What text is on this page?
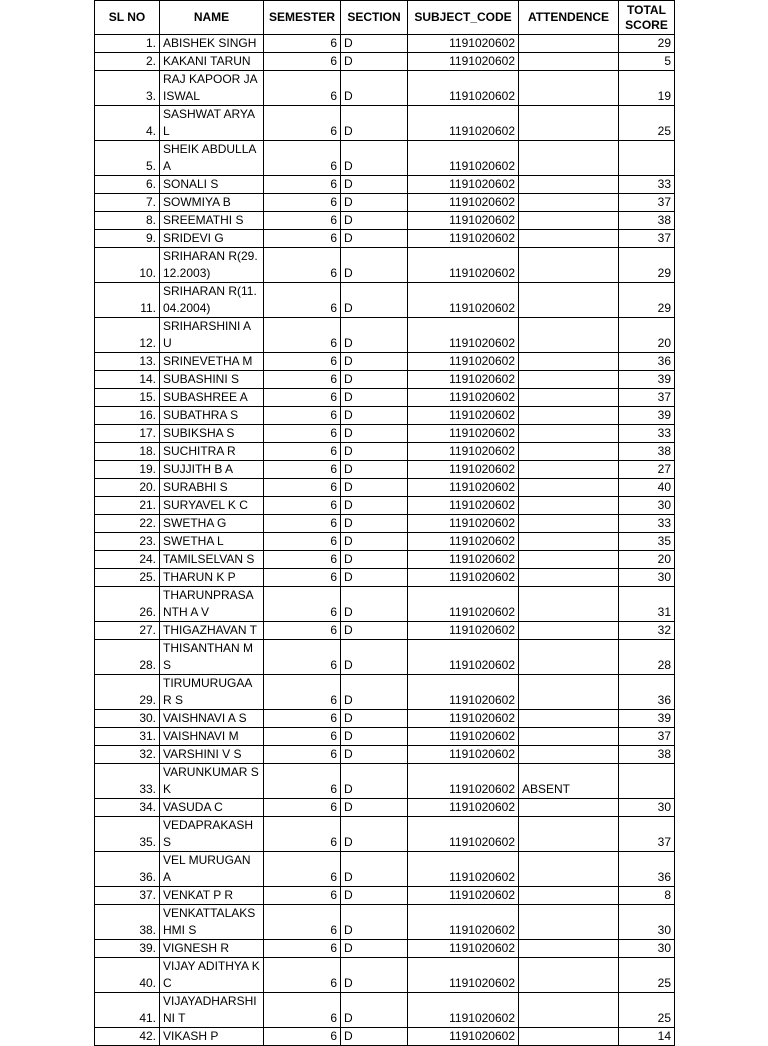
SL NO	NAME	SEMESTER	SECTION	SUBJECT_CODE	ATTENDENCE	TOTAL SCORE
1.	ABISHEK SINGH	6	D	1191020602		29
2.	KAKANI TARUN	6	D	1191020602		5
3.	RAJ KAPOOR JAISWAL	6	D	1191020602		19
4.	SASHWAT ARYAL	6	D	1191020602		25
5.	SHEIK ABDULLA A	6	D	1191020602		
6.	SONALI S	6	D	1191020602		33
7.	SOWMIYA B	6	D	1191020602		37
8.	SREEMATHI S	6	D	1191020602		38
9.	SRIDEVI G	6	D	1191020602		37
10.	SRIHARAN R(29.12.2003)	6	D	1191020602		29
11.	SRIHARAN R(11.04.2004)	6	D	1191020602		29
12.	SRIHARSHINI A U	6	D	1191020602		20
13.	SRINEVETHA M	6	D	1191020602		36
14.	SUBASHINI S	6	D	1191020602		39
15.	SUBASHREE A	6	D	1191020602		37
16.	SUBATHRA S	6	D	1191020602		39
17.	SUBIKSHA S	6	D	1191020602		33
18.	SUCHITRA R	6	D	1191020602		38
19.	SUJJITH B A	6	D	1191020602		27
20.	SURABHI S	6	D	1191020602		40
21.	SURYAVEL K C	6	D	1191020602		30
22.	SWETHA G	6	D	1191020602		33
23.	SWETHA L	6	D	1191020602		35
24.	TAMILSELVAN S	6	D	1191020602		20
25.	THARUN K P	6	D	1191020602		30
26.	THARUNPRASANTH A V	6	D	1191020602		31
27.	THIGAZHAVAN T	6	D	1191020602		32
28.	THISANTHAN M S	6	D	1191020602		28
29.	TIRUMURUGAAR S	6	D	1191020602		36
30.	VAISHNAVI A S	6	D	1191020602		39
31.	VAISHNAVI M	6	D	1191020602		37
32.	VARSHINI V S	6	D	1191020602		38
33.	VARUNKUMAR S K	6	D	1191020602	ABSENT	
34.	VASUDA C	6	D	1191020602		30
35.	VEDAPRAKASH S	6	D	1191020602		37
36.	VEL MURUGAN A	6	D	1191020602		36
37.	VENKAT P R	6	D	1191020602		8
38.	VENKATTALAKSHMI S	6	D	1191020602		30
39.	VIGNESH R	6	D	1191020602		30
40.	VIJAY ADITHYA K C	6	D	1191020602		25
41.	VIJAYADHARSHINI T	6	D	1191020602		25
42.	VIKASH P	6	D	1191020602		14
